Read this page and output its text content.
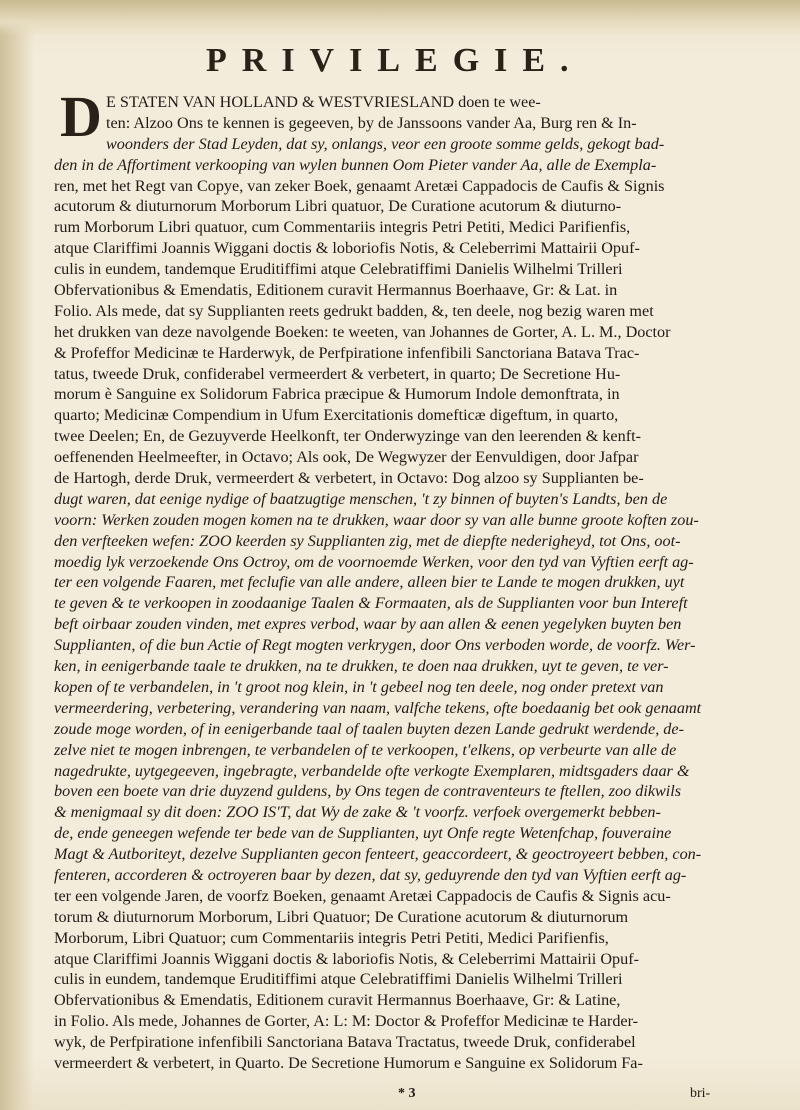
PRIVILEGIE.
D E STATEN VAN HOLLAND & WESTVRIESLAND doen te wee-
ten: Alzoo Ons te kennen is gegeeven, by de Janssoons vander Aa, Burg ren & In-
woonders der Stad Leyden, dat sy, onlangs, veor een groote somme gelds, gekogt bad-
den in de Affortiment verkooping van wylen bunnen Oom Pieter vander Aa, alle de Exempla-
ren, met het Regt van Copye, van zeker Boek, genaamt Aretæi Cappadocis de Caufis & Signis
acutorum & diuturnorum Morborum Libri quatuor, De Curatione acutorum & diuturno-
rum Morborum Libri quatuor, cum Commentariis integris Petri Petiti, Medici Parifienfis,
atque Clariffimi Joannis Wiggani doctis & loboriofis Notis, & Celeberrimi Mattairii Opuf-
culis in eundem, tandemque Eruditiffimi atque Celebratiffimi Danielis Wilhelmi Trilleri
Obfervationibus & Emendatis, Editionem curavit Hermannus Boerhaave, Gr: & Lat. in
Folio. Als mede, dat sy Supplianten reets gedrukt badden, &, ten deele, nog bezig waren met
het drukken van deze navolgende Boeken: te weeten, van Johannes de Gorter, A. L. M., Doctor
& Profeffor Medicinæ te Harderwyk, de Perfpiratione infenfibili Sanctoriana Batava Trac-
tatus, tweede Druk, confiderabel vermeerdert & verbetert, in quarto; De Secretione Hu-
morum è Sanguine ex Solidorum Fabrica præcipue & Humorum Indole demonftrata, in
quarto; Medicinæ Compendium in Ufum Exercitationis domefticæ digeftum, in quarto,
twee Deelen; En, de Gezuyverde Heelkonft, ter Onderwyzinge van den leerenden & kenft-
oeffenenden Heelmeefter, in Octavo; Als ook, De Wegwyzer der Eenvuldigen, door Jafpar
de Hartogh, derde Druk, vermeerdert & verbetert, in Octavo: Dog alzoo sy Supplianten be-
dugt waren, dat eenige nydige of baatzugtige menschen, 't zy binnen of buyten's Landts, ben de
voorn: Werken zouden mogen komen na te drukken, waar door sy van alle bunne groote koften zou-
den verfteeken wefen: ZOO keerden sy Supplianten zig, met de diepfte nederigheyd, tot Ons, oot-
moedig lyk verzoekende Ons Octroy, om de voornoemde Werken, voor den tyd van Vyftien eerft ag-
ter een volgende Faaren, met feclufie van alle andere, alleen bier te Lande te mogen drukken, uyt
te geven & te verkoopen in zoodaanige Taalen & Formaaten, als de Supplianten voor bun Intereft
beft oirbaar zouden vinden, met expres verbod, waar by aan allen & eenen yegelyken buyten ben
Supplianten, of die bun Actie of Regt mogten verkrygen, door Ons verboden worde, de voorfz. Wer-
ken, in eenigerbande taale te drukken, na te drukken, te doen naa drukken, uyt te geven, te ver-
kopen of te verbandelen, in 't groot nog klein, in 't gebeel nog ten deele, nog onder pretext van
vermeerdering, verbetering, verandering van naam, valfche tekens, ofte boedaanig bet ook genaamt
zoude moge worden, of in eenigerbande taal of taalen buyten dezen Lande gedrukt werdende, de-
zelve niet te mogen inbrengen, te verbandelen of te verkoopen, t'elkens, op verbeurte van alle de
nagedrukte, uytgegeeven, ingebragte, verbandelde ofte verkogte Exemplaren, midtsgaders daar &
boven een boete van drie duyzend guldens, by Ons tegen de contraventeurs te ftellen, zoo dikwils
& menigmaal sy dit doen: ZOO IS'T, dat Wy de zake & 't voorfz. verfoek overgemerkt bebben-
de, ende geneegen wefende ter bede van de Supplianten, uyt Onfe regte Wetenfchap, fouveraine
Magt & Autboriteyt, dezelve Supplianten gecon fenteert, geaccordeert, & geoctroyeert bebben, con-
fenteren, accorderen & octroyeren baar by dezen, dat sy, geduyrende den tyd van Vyftien eerft ag-
ter een volgende Jaren, de voorfz Boeken, genaamt Aretæi Cappadocis de Caufis & Signis acu-
torum & diuturnorum Morborum, Libri Quatuor; De Curatione acutorum & diuturnorum
Morborum, Libri Quatuor; cum Commentariis integris Petri Petiti, Medici Parifienfis,
atque Clariffimi Joannis Wiggani doctis & laboriofis Notis, & Celeberrimi Mattairii Opuf-
culis in eundem, tandemque Eruditiffimi atque Celebratiffimi Danielis Wilhelmi Trilleri
Obfervationibus & Emendatis, Editionem curavit Hermannus Boerhaave, Gr: & Latine,
in Folio. Als mede, Johannes de Gorter, A: L: M: Doctor & Profeffor Medicinæ te Harder-
wyk, de Perfpiratione infenfibili Sanctoriana Batava Tractatus, tweede Druk, confiderabel
vermeerdert & verbetert, in Quarto. De Secretione Humorum e Sanguine ex Solidorum Fa-
* 3	bri-
